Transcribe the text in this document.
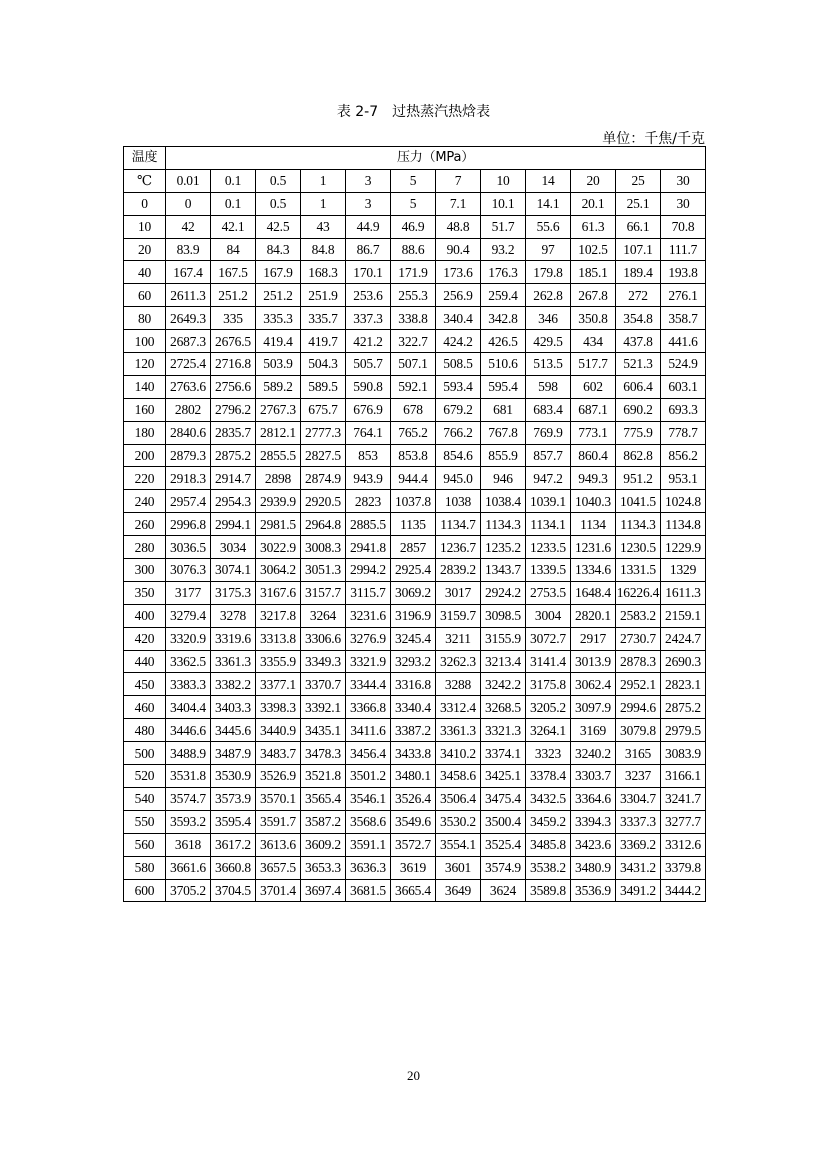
表 2-7　过热蒸汽热焓表
单位：千焦/千克
温度	压力（MPa）											
℃	0.01	0.1	0.5	1	3	5	7	10	14	20	25	30
0	0	0.1	0.5	1	3	5	7.1	10.1	14.1	20.1	25.1	30
10	42	42.1	42.5	43	44.9	46.9	48.8	51.7	55.6	61.3	66.1	70.8
20	83.9	84	84.3	84.8	86.7	88.6	90.4	93.2	97	102.5	107.1	111.7
40	167.4	167.5	167.9	168.3	170.1	171.9	173.6	176.3	179.8	185.1	189.4	193.8
60	2611.3	251.2	251.2	251.9	253.6	255.3	256.9	259.4	262.8	267.8	272	276.1
80	2649.3	335	335.3	335.7	337.3	338.8	340.4	342.8	346	350.8	354.8	358.7
100	2687.3	2676.5	419.4	419.7	421.2	322.7	424.2	426.5	429.5	434	437.8	441.6
120	2725.4	2716.8	503.9	504.3	505.7	507.1	508.5	510.6	513.5	517.7	521.3	524.9
140	2763.6	2756.6	589.2	589.5	590.8	592.1	593.4	595.4	598	602	606.4	603.1
160	2802	2796.2	2767.3	675.7	676.9	678	679.2	681	683.4	687.1	690.2	693.3
180	2840.6	2835.7	2812.1	2777.3	764.1	765.2	766.2	767.8	769.9	773.1	775.9	778.7
200	2879.3	2875.2	2855.5	2827.5	853	853.8	854.6	855.9	857.7	860.4	862.8	856.2
220	2918.3	2914.7	2898	2874.9	943.9	944.4	945.0	946	947.2	949.3	951.2	953.1
240	2957.4	2954.3	2939.9	2920.5	2823	1037.8	1038	1038.4	1039.1	1040.3	1041.5	1024.8
260	2996.8	2994.1	2981.5	2964.8	2885.5	1135	1134.7	1134.3	1134.1	1134	1134.3	1134.8
280	3036.5	3034	3022.9	3008.3	2941.8	2857	1236.7	1235.2	1233.5	1231.6	1230.5	1229.9
300	3076.3	3074.1	3064.2	3051.3	2994.2	2925.4	2839.2	1343.7	1339.5	1334.6	1331.5	1329
350	3177	3175.3	3167.6	3157.7	3115.7	3069.2	3017	2924.2	2753.5	1648.4	16226.4	1611.3
400	3279.4	3278	3217.8	3264	3231.6	3196.9	3159.7	3098.5	3004	2820.1	2583.2	2159.1
420	3320.9	3319.6	3313.8	3306.6	3276.9	3245.4	3211	3155.9	3072.7	2917	2730.7	2424.7
440	3362.5	3361.3	3355.9	3349.3	3321.9	3293.2	3262.3	3213.4	3141.4	3013.9	2878.3	2690.3
450	3383.3	3382.2	3377.1	3370.7	3344.4	3316.8	3288	3242.2	3175.8	3062.4	2952.1	2823.1
460	3404.4	3403.3	3398.3	3392.1	3366.8	3340.4	3312.4	3268.5	3205.2	3097.9	2994.6	2875.2
480	3446.6	3445.6	3440.9	3435.1	3411.6	3387.2	3361.3	3321.3	3264.1	3169	3079.8	2979.5
500	3488.9	3487.9	3483.7	3478.3	3456.4	3433.8	3410.2	3374.1	3323	3240.2	3165	3083.9
520	3531.8	3530.9	3526.9	3521.8	3501.2	3480.1	3458.6	3425.1	3378.4	3303.7	3237	3166.1
540	3574.7	3573.9	3570.1	3565.4	3546.1	3526.4	3506.4	3475.4	3432.5	3364.6	3304.7	3241.7
550	3593.2	3595.4	3591.7	3587.2	3568.6	3549.6	3530.2	3500.4	3459.2	3394.3	3337.3	3277.7
560	3618	3617.2	3613.6	3609.2	3591.1	3572.7	3554.1	3525.4	3485.8	3423.6	3369.2	3312.6
580	3661.6	3660.8	3657.5	3653.3	3636.3	3619	3601	3574.9	3538.2	3480.9	3431.2	3379.8
600	3705.2	3704.5	3701.4	3697.4	3681.5	3665.4	3649	3624	3589.8	3536.9	3491.2	3444.2
20
